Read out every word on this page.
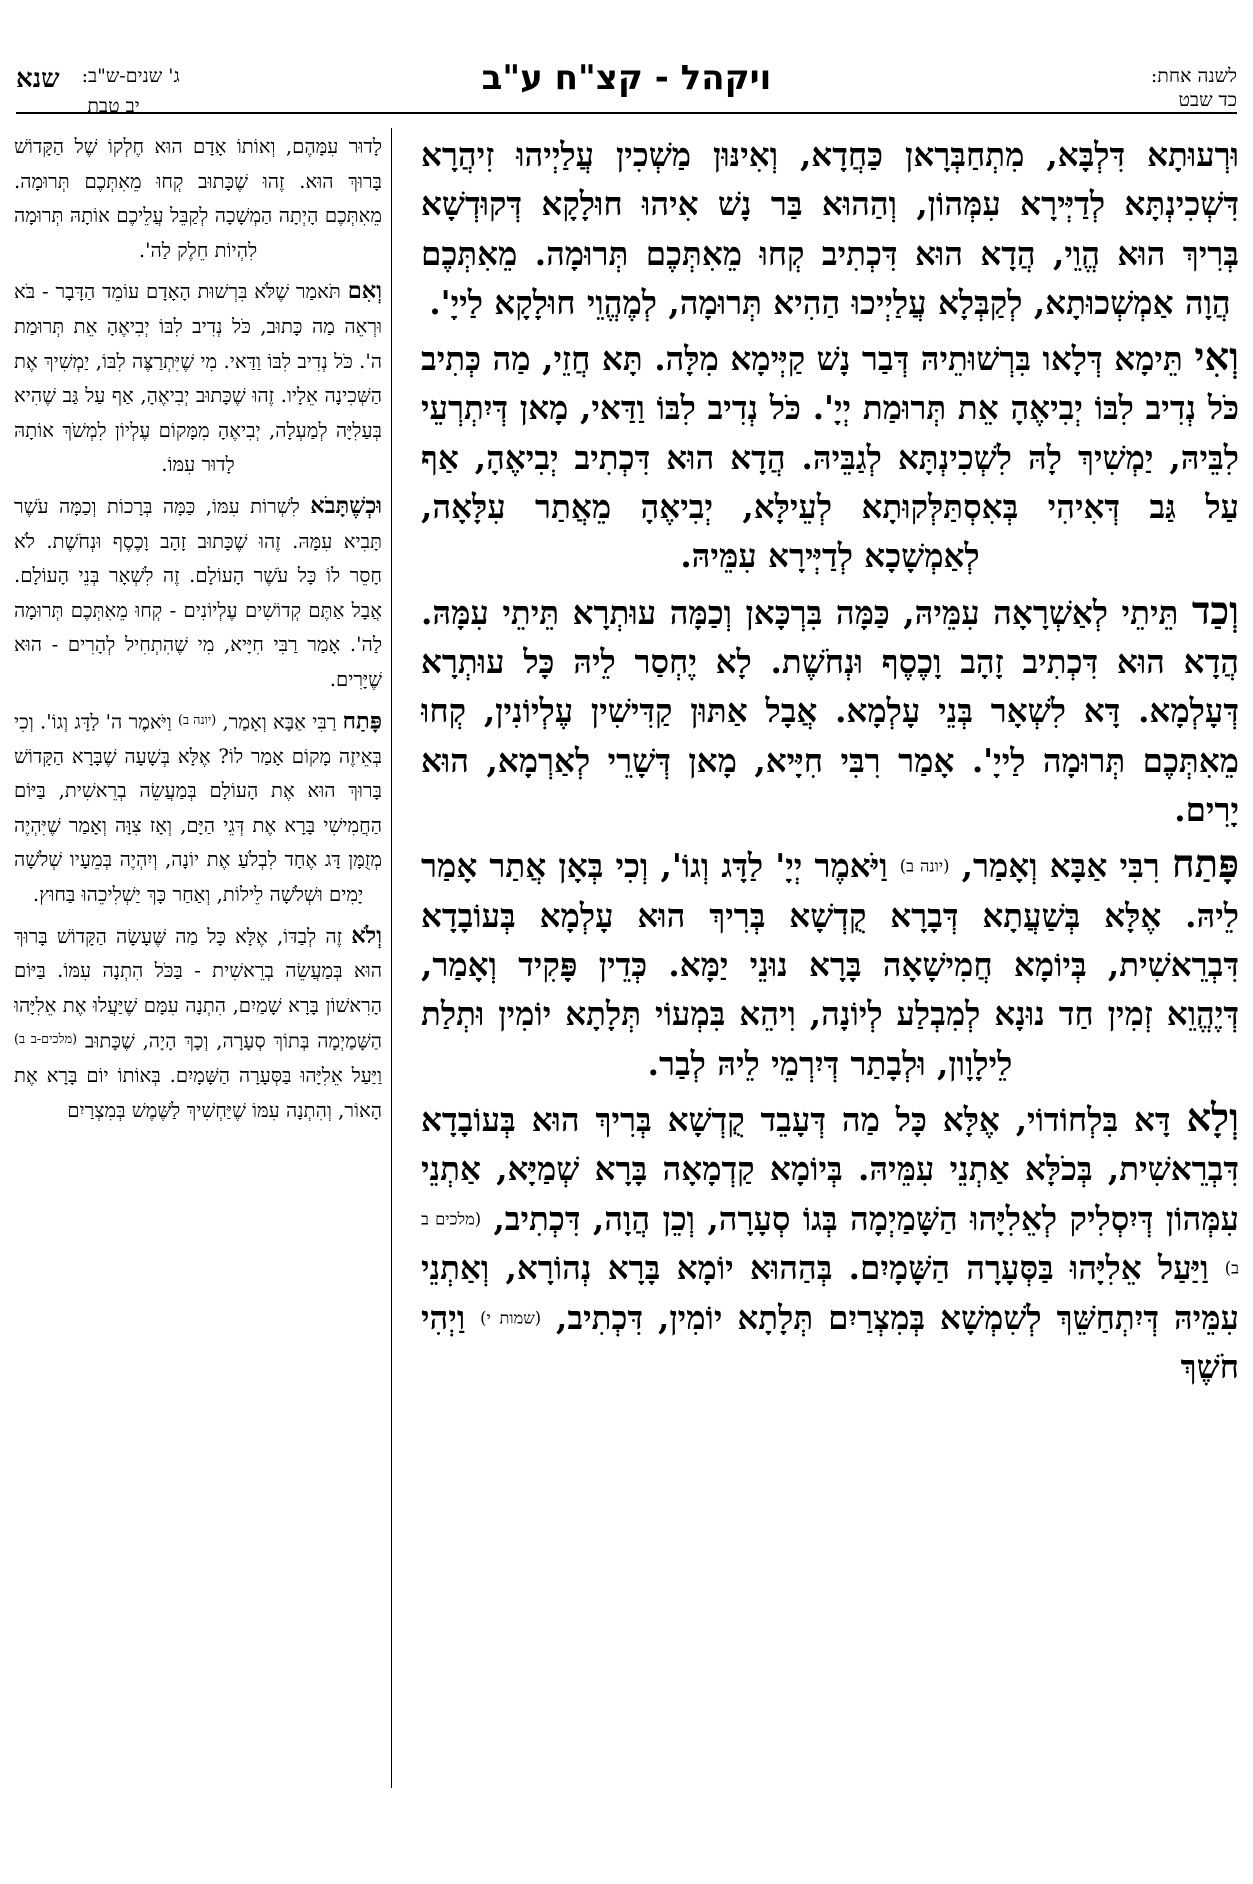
לשנה אחת:
כד שבט
ויקהל - קצ"ח ע"ב
ג' שנים-ש"ב:
שנא
יב טבת

וּרְעוּתָא דִּלְבָּא, מִתְחַבְּרָאן כַּחֲדָא, וְאִינּוּן מַשְׁכִין עֲלַיְיהוּ זִיהֲרָא דִּשְׁכִינְתָּא לְדַיְּירָא עִמְּהוֹן, וְהַהוּא בַּר נָשׁ אִיהוּ חוּלָקָא דְּקוּדְשָׁא בְּרִיךְ הוּא הֱוֵי, הֲדָא הוּא דִּכְתִיב קְחוּ מֵאִתְּכֶם תְּרוּמָה. מֵאִתְּכֶם הֲוָה אַמְשְׁכוּתָא, לְקַבְּלָא עֲלַיְיכוּ הַהִיא תְּרוּמָה, לְמֶהֱוֵי חוּלָקָא לַייָ'.

וְאִי תֵּימָא דְּלָאו בִּרְשׁוּתֵיהּ דְּבַר נָשׁ קַיְּימָא מִלָּה. תָּא חֲזֵי, מַה כְּתִיב כֹּל נְדִיב לִבּוֹ יְבִיאֶהָ אֵת תְּרוּמַת יְיָ'. כֹּל נְדִיב לִבּוֹ וַדַּאי, מָאן דְּיִתְרְעֵי לִבֵּיהּ, יַמְשִׁיךְ לָהּ לִשְׁכִינְתָּא לְגַבֵּיהּ. הֲדָא הוּא דִּכְתִיב יְבִיאֶהָ, אַף עַל גַּב דְּאִיהִי בְּאִסְתַּלְּקוּתָא לְעֵילָּא, יְבִיאֶהָ מֵאֲתַר עִלָּאָה, לְאַמְשָׁכָא לְדַיְּירָא עִמֵּיהּ.

וְכַד תֵּיתֵי לְאַשְׁרָאָה עִמֵּיהּ, כַּמָּה בִּרְכָּאן וְכַמָּה עוּתְרָא תֵּיתֵי עִמָּהּ. הֲדָא הוּא דִּכְתִיב זָהָב וָכֶסֶף וּנְחֹשֶׁת. לָא יֶחְסַר לֵיהּ כָּל עוּתְרָא דְּעָלְמָא. דָּא לִשְׁאָר בְּנֵי עָלְמָא. אֲבָל אַתּוּן קַדִּישִׁין עֶלְיוֹנִין, קְחוּ מֵאִתְּכֶם תְּרוּמָה לַייָ'. אָמַר רִבִּי חִיָּיא, מָאן דְּשָׁרֵי לְאַרְמָא, הוּא יָרִים.

פָּתַח רִבִּי אַבָּא וְאָמַר, (יונה ב) וַיֹּאמֶר יְיָ' לַדָּג וְגוֹ', וְכִי בְּאָן אֲתַר אָמַר לֵיהּ. אֶלָּא בְּשַׁעֲתָא דְּבָרָא קֻדְשָׁא בְּרִיךְ הוּא עָלְמָא בְּעוֹבָדָא דִּבְרֵאשִׁית, בְּיוֹמָא חֲמִישָׁאָה בָּרָא נוּנֵי יַמָּא. כְּדֵין פָּקִיד וְאָמַר, דְּיֶהֱוֵא זְמִין חַד נוּנָא לְמִבְלַע לְיוֹנָה, וִיהֵא בִּמְעוֹי תְּלָתָא יוֹמִין וּתְלַת לֵילָוָון, וּלְבָתַר דְּיִרְמֵי לֵיהּ לְבַר.

וְלָא דָּא בִּלְחוֹדוֹי, אֶלָּא כָּל מַה דְּעָבֵד קֻדְשָׁא בְּרִיךְ הוּא בְּעוֹבָדָא דִּבְרֵאשִׁית, בְּכֹלָּא אַתְנֵי עִמֵּיהּ. בְּיוֹמָא קַדְמָאָה בָּרָא שְׁמַיָּא, אַתְנֵי עִמְּהוֹן דְּיִסְלִיק לְאֵלִיָּהוּ הַשָּׁמַיְמָה בְּגוֹ סְעָרָה, וְכֵן הֲוָה, דִּכְתִיב, (מלכים ב ב) וַיַּעַל אֵלִיָּהוּ בַּסְּעָרָה הַשָּׁמָיִם. בְּהַהוּא יוֹמָא בָּרָא נְהוֹרָא, וְאַתְנֵי עִמֵּיהּ דְּיִתְחַשֵּׁךְ לְשִׁמְשָׁא בְּמִצְרַיִם תְּלָתָא יוֹמִין, דִּכְתִיב, (שמות י) וַיְהִי חֹשֶׁךְ

לָדוּר עִמָּהֶם, וְאוֹתוֹ אָדָם הוּא חֶלְקוֹ שֶׁל הַקָּדוֹשׁ בָּרוּךְ הוּא. זֶהוּ שֶׁכָּתוּב קְחוּ מֵאִתְּכֶם תְּרוּמָה. מֵאִתְּכֶם הָיְתָה הַמְשָׁכָה לְקַבֵּל עֲלֵיכֶם אוֹתָהּ תְּרוּמָה לִהְיוֹת חֵלֶק לַה'.

וְאִם תֹּאמַר שֶׁלֹּא בִּרְשׁוּת הָאָדָם עוֹמֵד הַדָּבָר - בֹּא וּרְאֵה מַה כָּתוּב, כֹּל נְדִיב לִבּוֹ יְבִיאֶהָ אֵת תְּרוּמַת ה'. כֹּל נְדִיב לִבּוֹ וַדַּאי. מִי שֶׁיִּתְרַצֶּה לִבּוֹ, יַמְשִׁיךְ אֶת הַשְּׁכִינָה אֵלָיו. זֶהוּ שֶׁכָּתוּב יְבִיאֶהָ, אַף עַל גַּב שֶׁהִיא בְּעַלִיָּה לְמַעְלָה, יְבִיאֶהָ מִמָּקוֹם עֶלְיוֹן לִמְשֹׁךְ אוֹתָהּ לָדוּר עִמּוֹ.

וּכְשֶׁתָּבֹא לִשְׁרוֹת עִמּוֹ, כַּמָּה בְּרָכוֹת וְכַמָּה עֹשֶׁר תָּבִיא עִמָּהּ. זֶהוּ שֶׁכָּתוּב זָהָב וָכֶסֶף וּנְחֹשֶׁת. לֹא חָסֵר לוֹ כָּל עֹשֶׁר הָעוֹלָם. זֶה לִשְׁאָר בְּנֵי הָעוֹלָם. אֲבָל אַתֶּם קְדוֹשִׁים עֶלְיוֹנִים - קְחוּ מֵאִתְּכֶם תְּרוּמָה לַה'. אָמַר רַבִּי חִיָּיא, מִי שֶׁהִתְחִיל לְהָרִים - הוּא שֶׁיָּרִים.

פָּתַח רַבִּי אַבָּא וְאָמַר, $^{(יונה ב)}$ וַיֹּאמֶר ה' לַדָּג וְגוֹ'. וְכִי בְּאֵיזֶה מָקוֹם אָמַר לוֹ? אֶלָּא בְּשָׁעָה שֶׁבָּרָא הַקָּדוֹשׁ בָּרוּךְ הוּא אֶת הָעוֹלָם בְּמַעֲשֵׂה בְרֵאשִׁית, בַּיּוֹם הַחֲמִישִׁי בָּרָא אֶת דְּגֵי הַיָּם, וְאָז צִוָּה וְאָמַר שֶׁיִּהְיֶה מְזֻמָּן דָּג אֶחָד לִבְלֹעַ אֶת יוֹנָה, וְיִהְיֶה בְּמֵעָיו שְׁלֹשָׁה יָמִים וּשְׁלֹשָׁה לֵילוֹת, וְאַחַר כָּךְ יַשְׁלִיכֵהוּ בַּחוּץ.

וְלֹא זֶה לְבַדּוֹ, אֶלָּא כָּל מַה שֶּׁעָשָׂה הַקָּדוֹשׁ בָּרוּךְ הוּא בְּמַעֲשֵׂה בְרֵאשִׁית - בַּכֹּל הִתְנָה עִמּוֹ. בַּיּוֹם הָרִאשׁוֹן בָּרָא שָׁמַיִם, הִתְנָה עִמָּם שֶׁיַּעֲלוּ אֶת אֵלִיָּהוּ הַשָּׁמַיְמָה בְּתוֹךְ סְעָרָה, וְכָךְ הָיָה, שֶׁכָּתוּב $^{(מלכים-ב ב)}$ וַיַּעַל אֵלִיָּהוּ בַּסְּעָרָה הַשָּׁמָיִם. בְּאוֹתוֹ יוֹם בָּרָא אֶת הָאוֹר, וְהִתְנָה עִמּוֹ שֶׁיַּחְשִׁיךְ לַשֶּׁמֶשׁ בְּמִצְרַיִם
